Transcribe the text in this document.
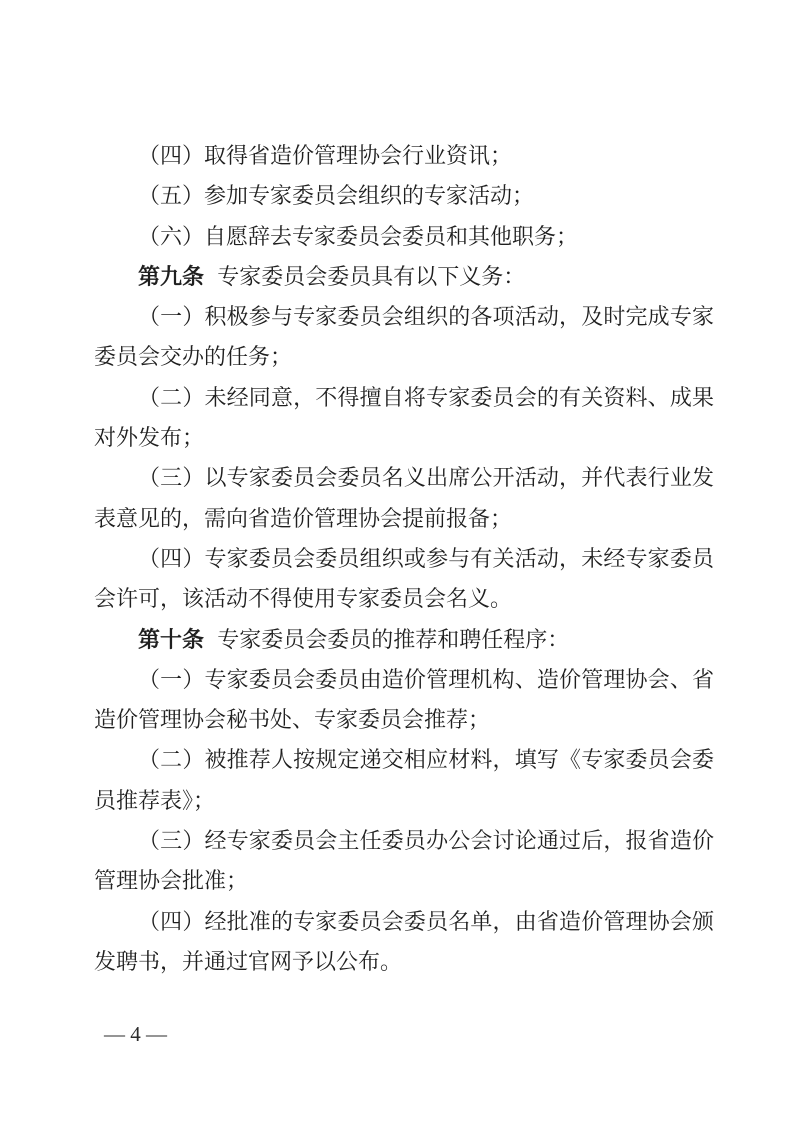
（四）取得省造价管理协会行业资讯；

（五）参加专家委员会组织的专家活动；

（六）自愿辞去专家委员会委员和其他职务；

第九条 专家委员会委员具有以下义务：

（一）积极参与专家委员会组织的各项活动，及时完成专家委员会交办的任务；

（二）未经同意，不得擅自将专家委员会的有关资料、成果对外发布；

（三）以专家委员会委员名义出席公开活动，并代表行业发表意见的，需向省造价管理协会提前报备；

（四）专家委员会委员组织或参与有关活动，未经专家委员会许可，该活动不得使用专家委员会名义。

第十条 专家委员会委员的推荐和聘任程序：

（一）专家委员会委员由造价管理机构、造价管理协会、省造价管理协会秘书处、专家委员会推荐；

（二）被推荐人按规定递交相应材料，填写《专家委员会委员推荐表》；

（三）经专家委员会主任委员办公会讨论通过后，报省造价管理协会批准；

（四）经批准的专家委员会委员名单，由省造价管理协会颁发聘书，并通过官网予以公布。

— 4 —
